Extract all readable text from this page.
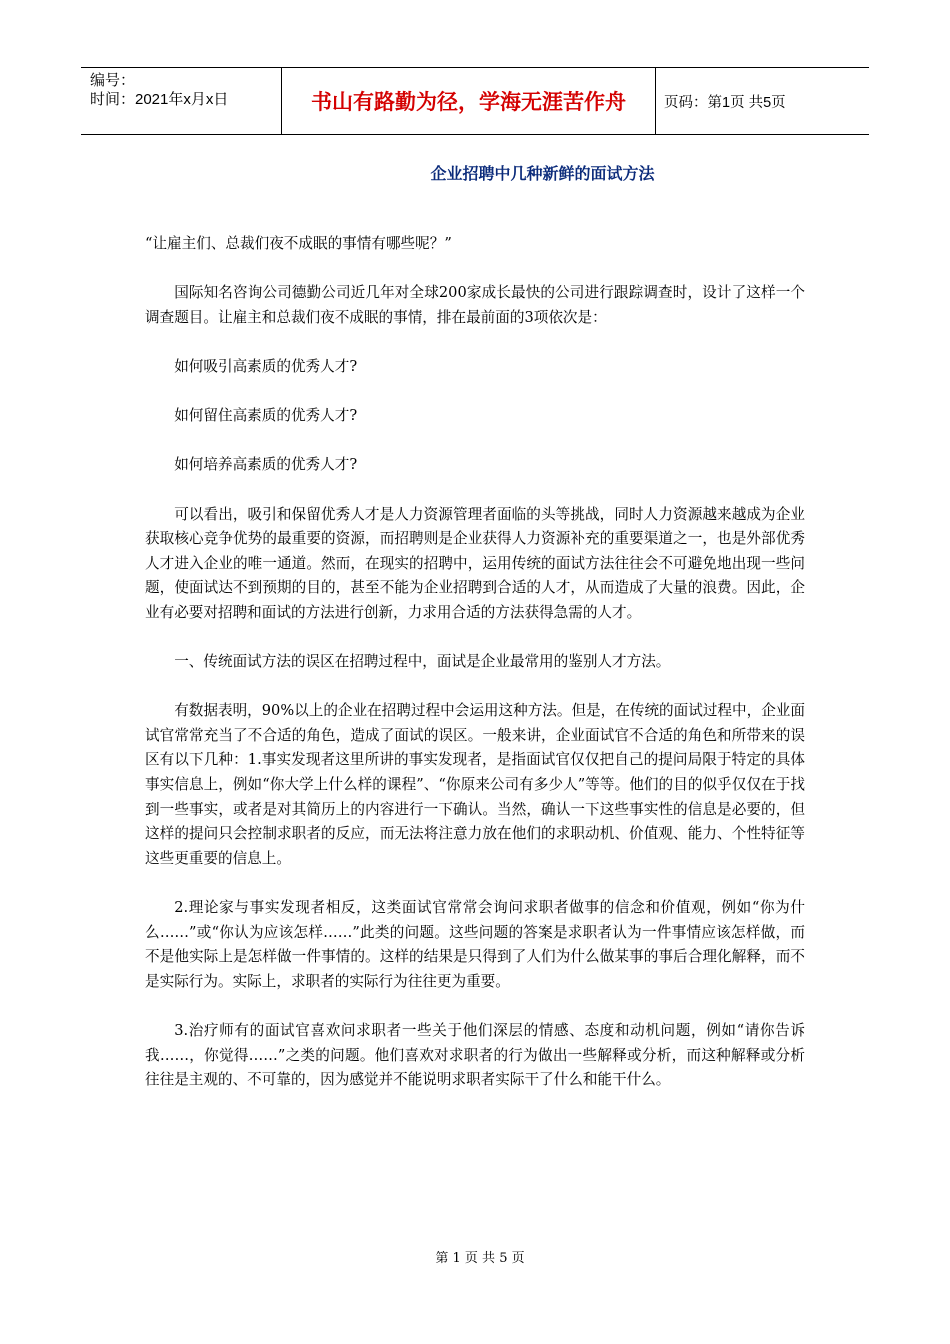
编号：
时间：2021年x月x日	书山有路勤为径，学海无涯苦作舟	页码：第1页 共5页
企业招聘中几种新鲜的面试方法

“让雇主们、总裁们夜不成眠的事情有哪些呢？”

国际知名咨询公司德勤公司近几年对全球200家成长最快的公司进行跟踪调查时，设计了这样一个调查题目。让雇主和总裁们夜不成眠的事情，排在最前面的3项依次是：

如何吸引高素质的优秀人才?

如何留住高素质的优秀人才?

如何培养高素质的优秀人才?

可以看出，吸引和保留优秀人才是人力资源管理者面临的头等挑战，同时人力资源越来越成为企业获取核心竞争优势的最重要的资源，而招聘则是企业获得人力资源补充的重要渠道之一，也是外部优秀人才进入企业的唯一通道。然而，在现实的招聘中，运用传统的面试方法往往会不可避免地出现一些问题，使面试达不到预期的目的，甚至不能为企业招聘到合适的人才，从而造成了大量的浪费。因此，企业有必要对招聘和面试的方法进行创新，力求用合适的方法获得急需的人才。

一、传统面试方法的误区在招聘过程中，面试是企业最常用的鉴别人才方法。

有数据表明，90%以上的企业在招聘过程中会运用这种方法。但是，在传统的面试过程中，企业面试官常常充当了不合适的角色，造成了面试的误区。一般来讲，企业面试官不合适的角色和所带来的误区有以下几种：1.事实发现者这里所讲的事实发现者，是指面试官仅仅把自己的提问局限于特定的具体事实信息上，例如“你大学上什么样的课程”、“你原来公司有多少人”等等。他们的目的似乎仅仅在于找到一些事实，或者是对其简历上的内容进行一下确认。当然，确认一下这些事实性的信息是必要的，但这样的提问只会控制求职者的反应，而无法将注意力放在他们的求职动机、价值观、能力、个性特征等这些更重要的信息上。

2.理论家与事实发现者相反，这类面试官常常会询问求职者做事的信念和价值观，例如“你为什么……”或“你认为应该怎样……”此类的问题。这些问题的答案是求职者认为一件事情应该怎样做，而不是他实际上是怎样做一件事情的。这样的结果是只得到了人们为什么做某事的事后合理化解释，而不是实际行为。实际上，求职者的实际行为往往更为重要。

3.治疗师有的面试官喜欢问求职者一些关于他们深层的情感、态度和动机问题，例如“请你告诉我……，你觉得……”之类的问题。他们喜欢对求职者的行为做出一些解释或分析，而这种解释或分析往往是主观的、不可靠的，因为感觉并不能说明求职者实际干了什么和能干什么。

第 1 页 共 5 页
